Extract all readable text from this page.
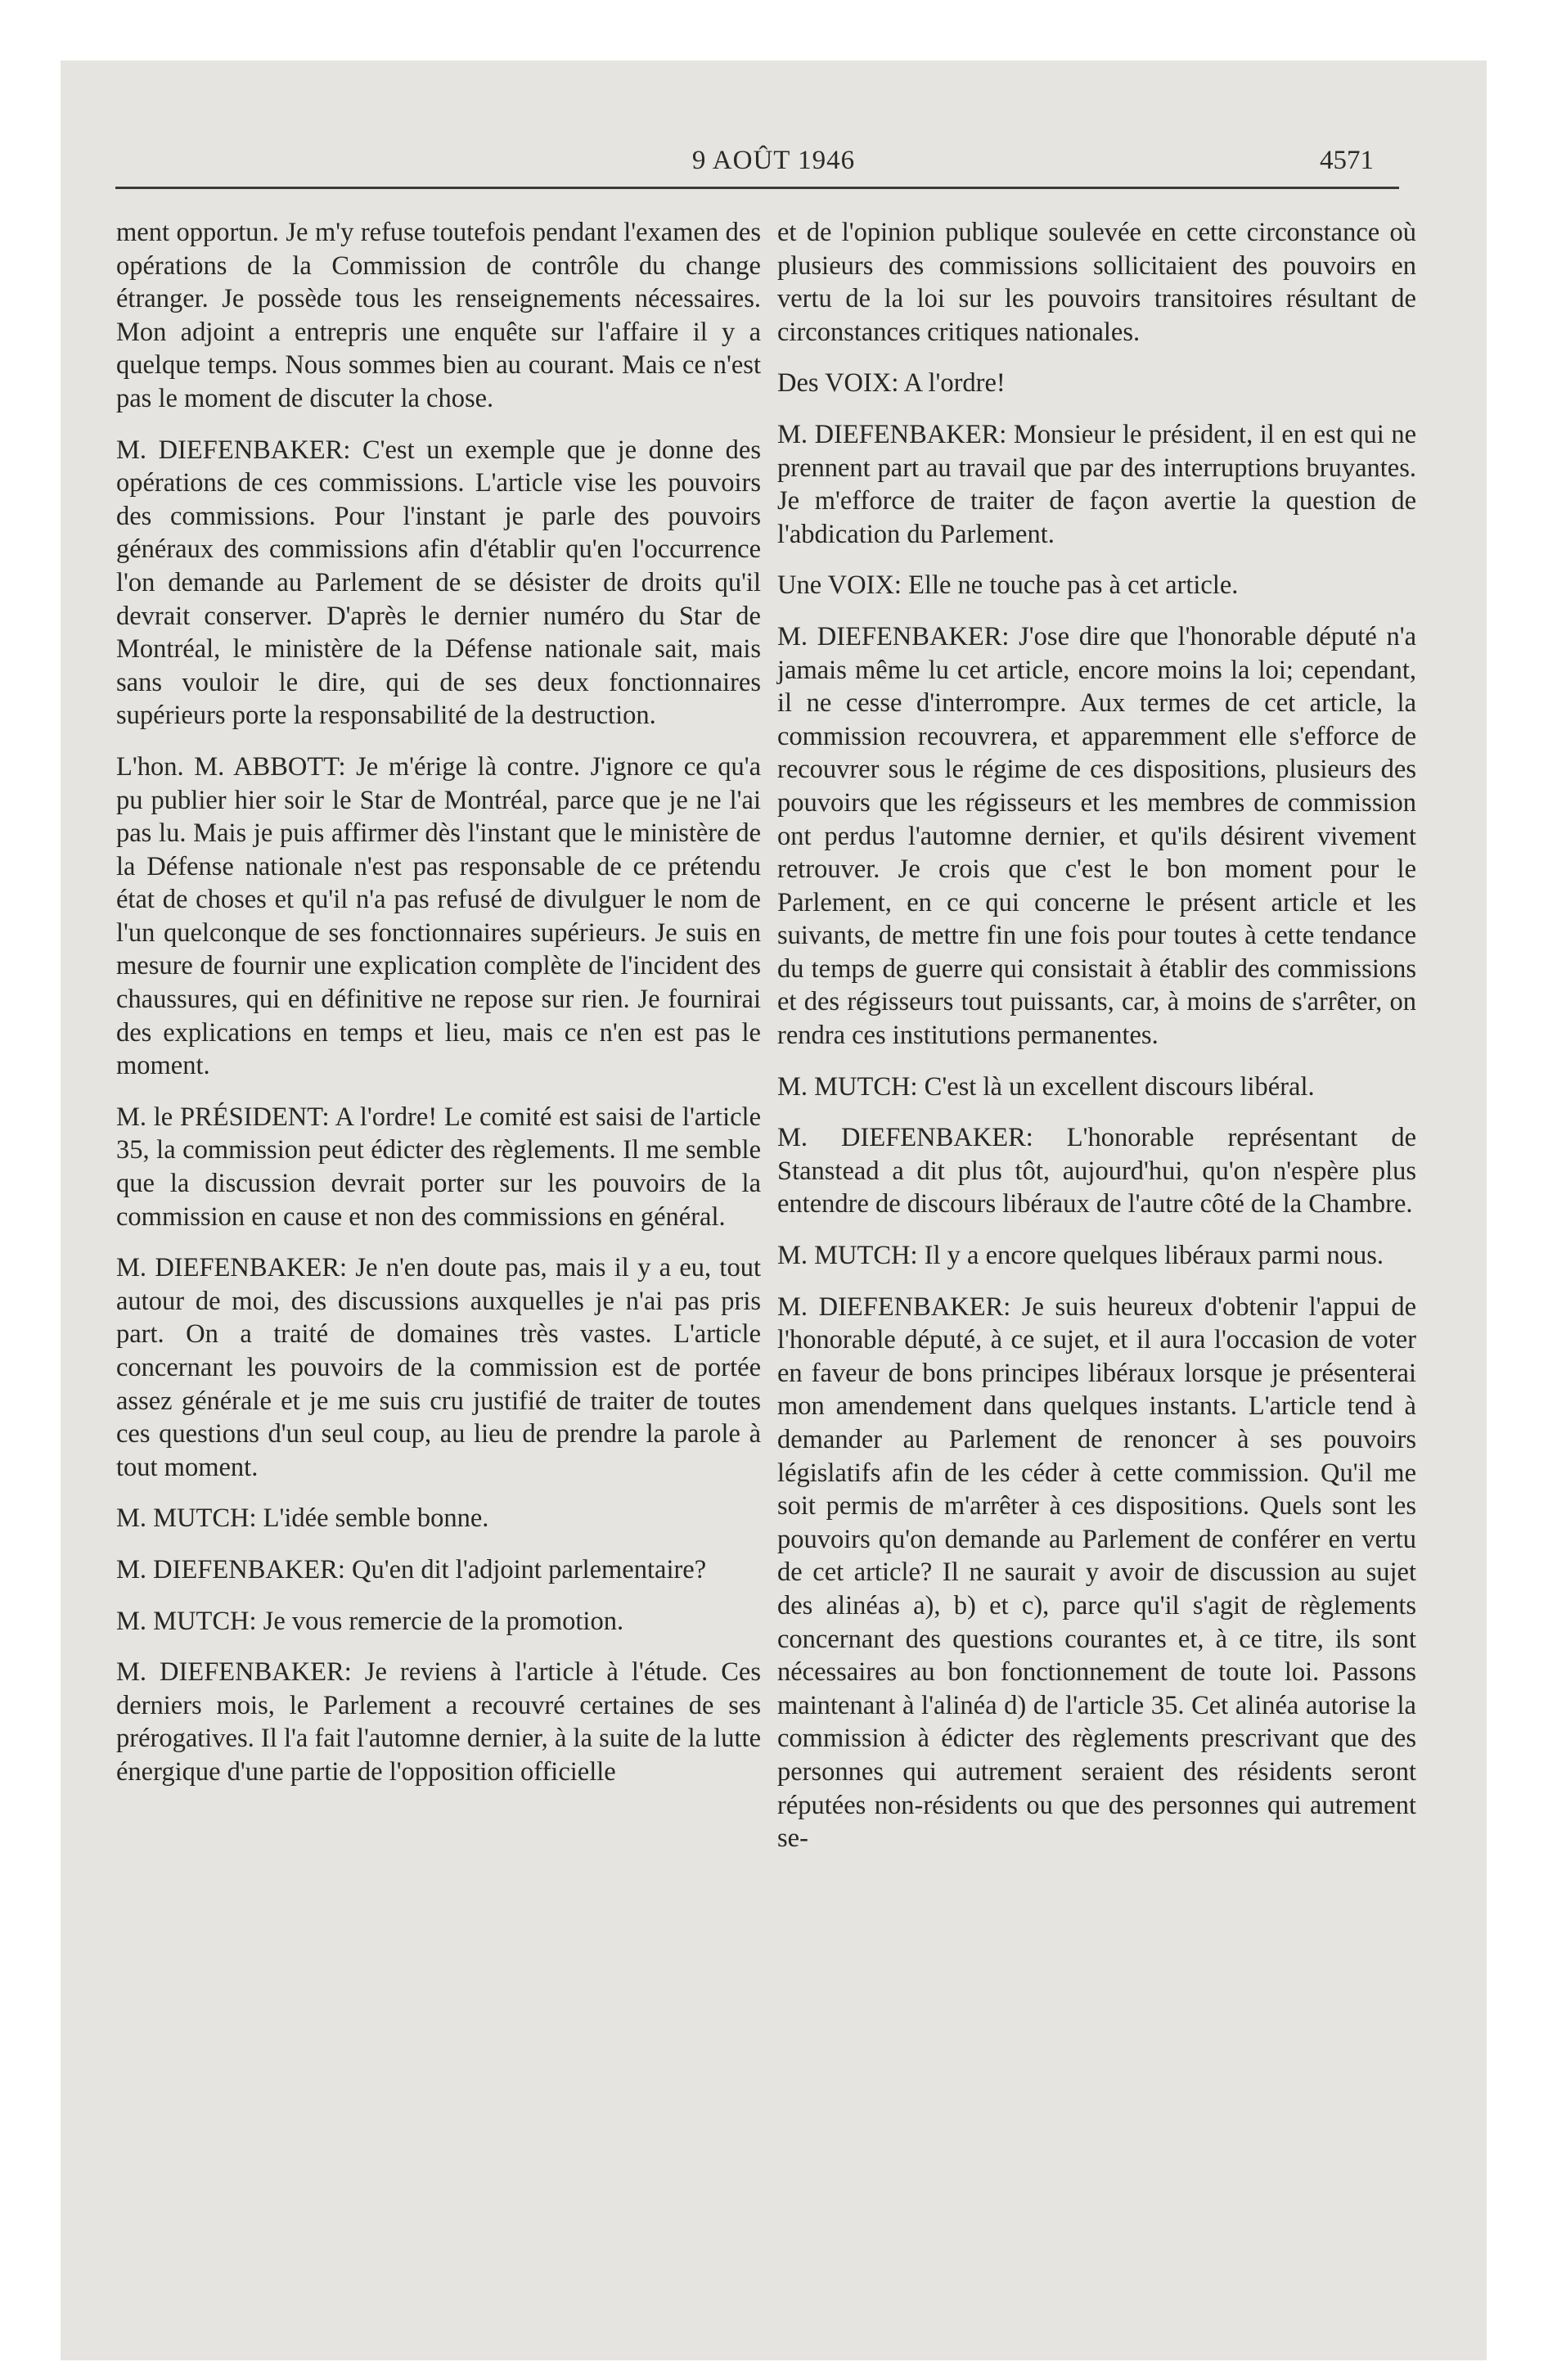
9 AOÛT 1946	4571

ment opportun. Je m'y refuse toutefois pendant l'examen des opérations de la Commission de contrôle du change étranger. Je possède tous les renseignements nécessaires. Mon adjoint a entrepris une enquête sur l'affaire il y a quelque temps. Nous sommes bien au courant. Mais ce n'est pas le moment de discuter la chose.

M. DIEFENBAKER: C'est un exemple que je donne des opérations de ces commissions. L'article vise les pouvoirs des commissions. Pour l'instant je parle des pouvoirs généraux des commissions afin d'établir qu'en l'occurrence l'on demande au Parlement de se désister de droits qu'il devrait conserver. D'après le dernier numéro du Star de Montréal, le ministère de la Défense nationale sait, mais sans vouloir le dire, qui de ses deux fonctionnaires supérieurs porte la responsabilité de la destruction.

L'hon. M. ABBOTT: Je m'érige là contre. J'ignore ce qu'a pu publier hier soir le Star de Montréal, parce que je ne l'ai pas lu. Mais je puis affirmer dès l'instant que le ministère de la Défense nationale n'est pas responsable de ce prétendu état de choses et qu'il n'a pas refusé de divulguer le nom de l'un quelconque de ses fonctionnaires supérieurs. Je suis en mesure de fournir une explication complète de l'incident des chaussures, qui en définitive ne repose sur rien. Je fournirai des explications en temps et lieu, mais ce n'en est pas le moment.

M. le PRÉSIDENT: A l'ordre! Le comité est saisi de l'article 35, la commission peut édicter des règlements. Il me semble que la discussion devrait porter sur les pouvoirs de la commission en cause et non des commissions en général.

M. DIEFENBAKER: Je n'en doute pas, mais il y a eu, tout autour de moi, des discussions auxquelles je n'ai pas pris part. On a traité de domaines très vastes. L'article concernant les pouvoirs de la commission est de portée assez générale et je me suis cru justifié de traiter de toutes ces questions d'un seul coup, au lieu de prendre la parole à tout moment.

M. MUTCH: L'idée semble bonne.

M. DIEFENBAKER: Qu'en dit l'adjoint parlementaire?

M. MUTCH: Je vous remercie de la promotion.

M. DIEFENBAKER: Je reviens à l'article à l'étude. Ces derniers mois, le Parlement a recouvré certaines de ses prérogatives. Il l'a fait l'automne dernier, à la suite de la lutte énergique d'une partie de l'opposition officielle

et de l'opinion publique soulevée en cette circonstance où plusieurs des commissions sollicitaient des pouvoirs en vertu de la loi sur les pouvoirs transitoires résultant de circonstances critiques nationales.

Des VOIX: A l'ordre!

M. DIEFENBAKER: Monsieur le président, il en est qui ne prennent part au travail que par des interruptions bruyantes. Je m'efforce de traiter de façon avertie la question de l'abdication du Parlement.

Une VOIX: Elle ne touche pas à cet article.

M. DIEFENBAKER: J'ose dire que l'honorable député n'a jamais même lu cet article, encore moins la loi; cependant, il ne cesse d'interrompre. Aux termes de cet article, la commission recouvrera, et apparemment elle s'efforce de recouvrer sous le régime de ces dispositions, plusieurs des pouvoirs que les régisseurs et les membres de commission ont perdus l'automne dernier, et qu'ils désirent vivement retrouver. Je crois que c'est le bon moment pour le Parlement, en ce qui concerne le présent article et les suivants, de mettre fin une fois pour toutes à cette tendance du temps de guerre qui consistait à établir des commissions et des régisseurs tout puissants, car, à moins de s'arrêter, on rendra ces institutions permanentes.

M. MUTCH: C'est là un excellent discours libéral.

M. DIEFENBAKER: L'honorable représentant de Stanstead a dit plus tôt, aujourd'hui, qu'on n'espère plus entendre de discours libéraux de l'autre côté de la Chambre.

M. MUTCH: Il y a encore quelques libéraux parmi nous.

M. DIEFENBAKER: Je suis heureux d'obtenir l'appui de l'honorable député, à ce sujet, et il aura l'occasion de voter en faveur de bons principes libéraux lorsque je présenterai mon amendement dans quelques instants. L'article tend à demander au Parlement de renoncer à ses pouvoirs législatifs afin de les céder à cette commission. Qu'il me soit permis de m'arrêter à ces dispositions. Quels sont les pouvoirs qu'on demande au Parlement de conférer en vertu de cet article? Il ne saurait y avoir de discussion au sujet des alinéas a), b) et c), parce qu'il s'agit de règlements concernant des questions courantes et, à ce titre, ils sont nécessaires au bon fonctionnement de toute loi. Passons maintenant à l'alinéa d) de l'article 35. Cet alinéa autorise la commission à édicter des règlements prescrivant que des personnes qui autrement seraient des résidents seront réputées non-résidents ou que des personnes qui autrement se-
